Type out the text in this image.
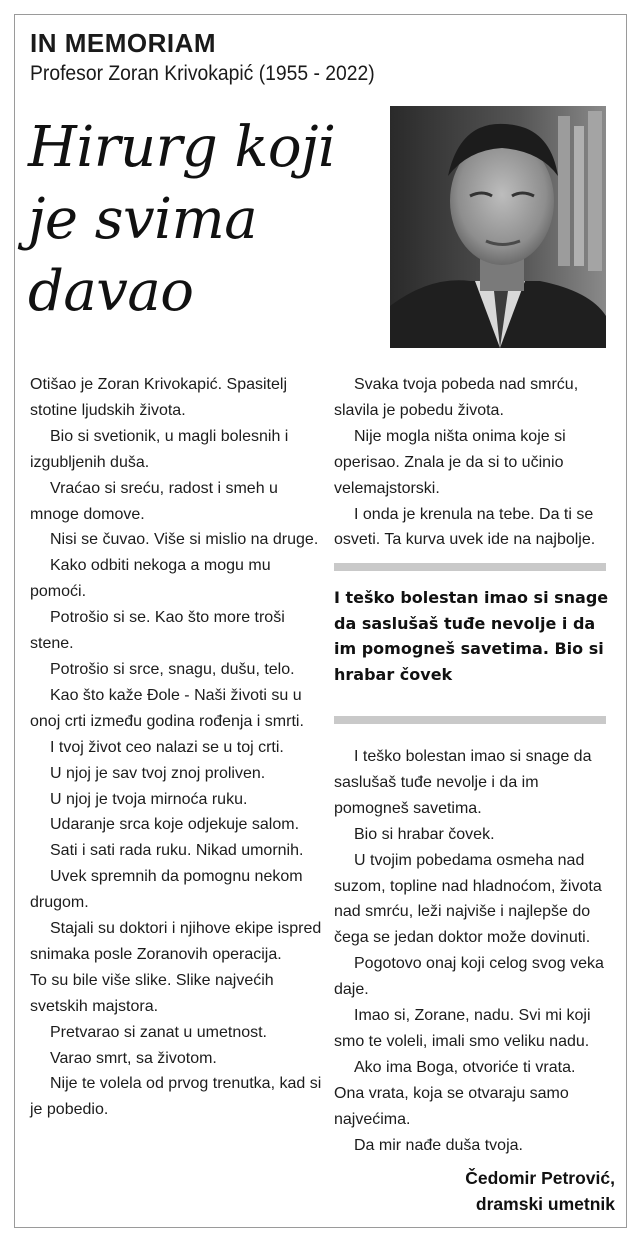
IN MEMORIAM

Profesor Zoran Krivokapić (1955 - 2022)

Hirurg koji je svima davao

Otišao je Zoran Krivokapić. Spasitelj stotine ljudskih života.

Bio si svetionik, u magli bolesnih i izgubljenih duša.

Vraćao si sreću, radost i smeh u mnoge domove.

Nisi se čuvao. Više si mislio na druge.

Kako odbiti nekoga a mogu mu pomoći.

Potrošio si se. Kao što more troši stene.

Potrošio si srce, snagu, dušu, telo.

Kao što kaže Đole - Naši životi su u onoj crti između godina rođenja i smrti.

I tvoj život ceo nalazi se u toj crti.

U njoj je sav tvoj znoj proliven.

U njoj je tvoja mirnoća ruku.

Udaranje srca koje odjekuje salom.

Sati i sati rada ruku. Nikad umornih.

Uvek spremnih da pomognu nekom drugom.

Stajali su doktori i njihove ekipe ispred snimaka posle Zoranovih operacija.

To su bile više slike. Slike najvećih svetskih majstora.

Pretvarao si zanat u umetnost.

Varao smrt, sa životom.

Nije te volela od prvog trenutka, kad si je pobedio.

Svaka tvoja pobeda nad smrću, slavila je pobedu života.

Nije mogla ništa onima koje si operisao. Znala je da si to učinio velemajstorski.

I onda je krenula na tebe. Da ti se osveti. Ta kurva uvek ide na najbolje.

I teško bolestan imao si snage da saslušaš tuđe nevolje i da im pomogneš savetima. Bio si hrabar čovek

I teško bolestan imao si snage da saslušaš tuđe nevolje i da im pomogneš savetima.

Bio si hrabar čovek.

U tvojim pobedama osmeha nad suzom, topline nad hladnoćom, života nad smrću, leži najviše i najlepše do čega se jedan doktor može dovinuti.

Pogotovo onaj koji celog svog veka daje.

Imao si, Zorane, nadu. Svi mi koji smo te voleli, imali smo veliku nadu.

Ako ima Boga, otvoriće ti vrata.

Ona vrata, koja se otvaraju samo najvećima.

Da mir nađe duša tvoja.

Čedomir Petrović,
dramski umetnik
